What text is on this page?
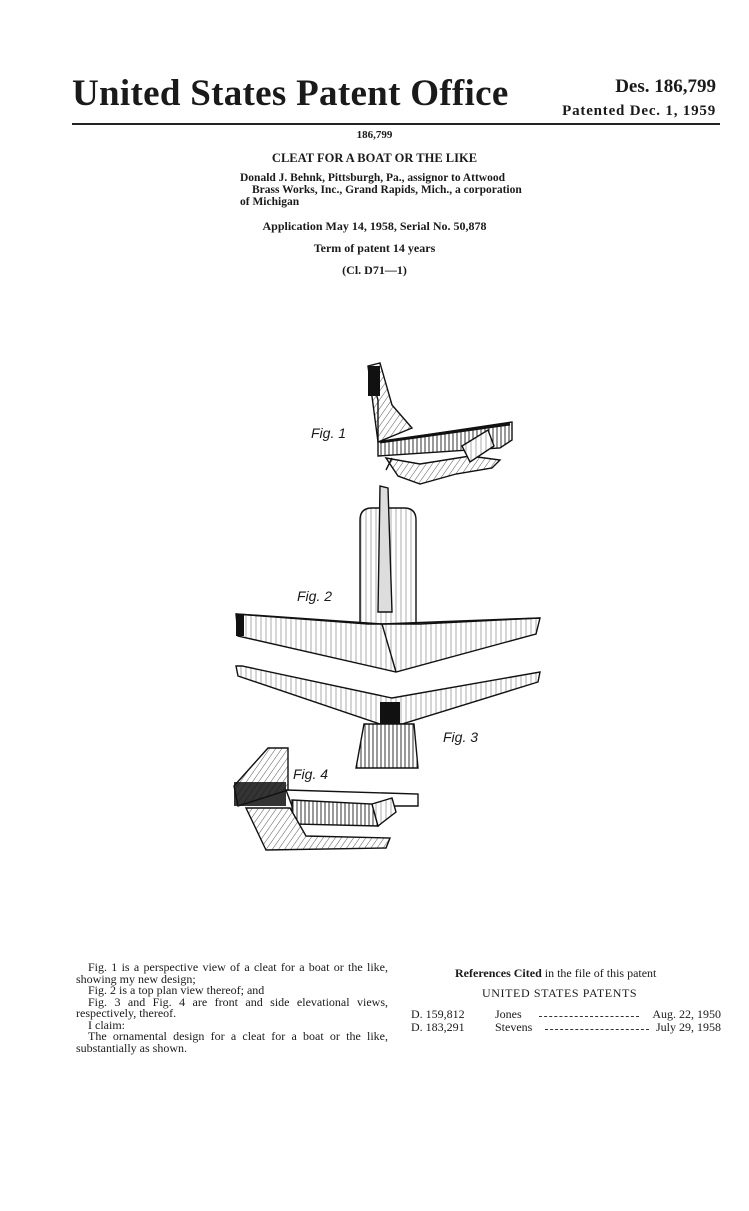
United States Patent Office	Des. 186,799
Patented Dec. 1, 1959
186,799
CLEAT FOR A BOAT OR THE LIKE
Donald J. Behnk, Pittsburgh, Pa., assignor to Attwood
Brass Works, Inc., Grand Rapids, Mich., a corporation
of Michigan
Application May 14, 1958, Serial No. 50,878
Term of patent 14 years
(Cl. D71—1)
Fig. 1
Fig. 2
Fig. 3
Fig. 4

Fig. 1 is a perspective view of a cleat for a boat or the like, showing my new design;

Fig. 2 is a top plan view thereof; and

Fig. 3 and Fig. 4 are front and side elevational views, respectively, thereof.

I claim:

The ornamental design for a cleat for a boat or the like, substantially as shown.

References Cited in the file of this patent
UNITED STATES PATENTS
D. 159,812	Jones	Aug. 22, 1950
D. 183,291	Stevens	July 29, 1958
